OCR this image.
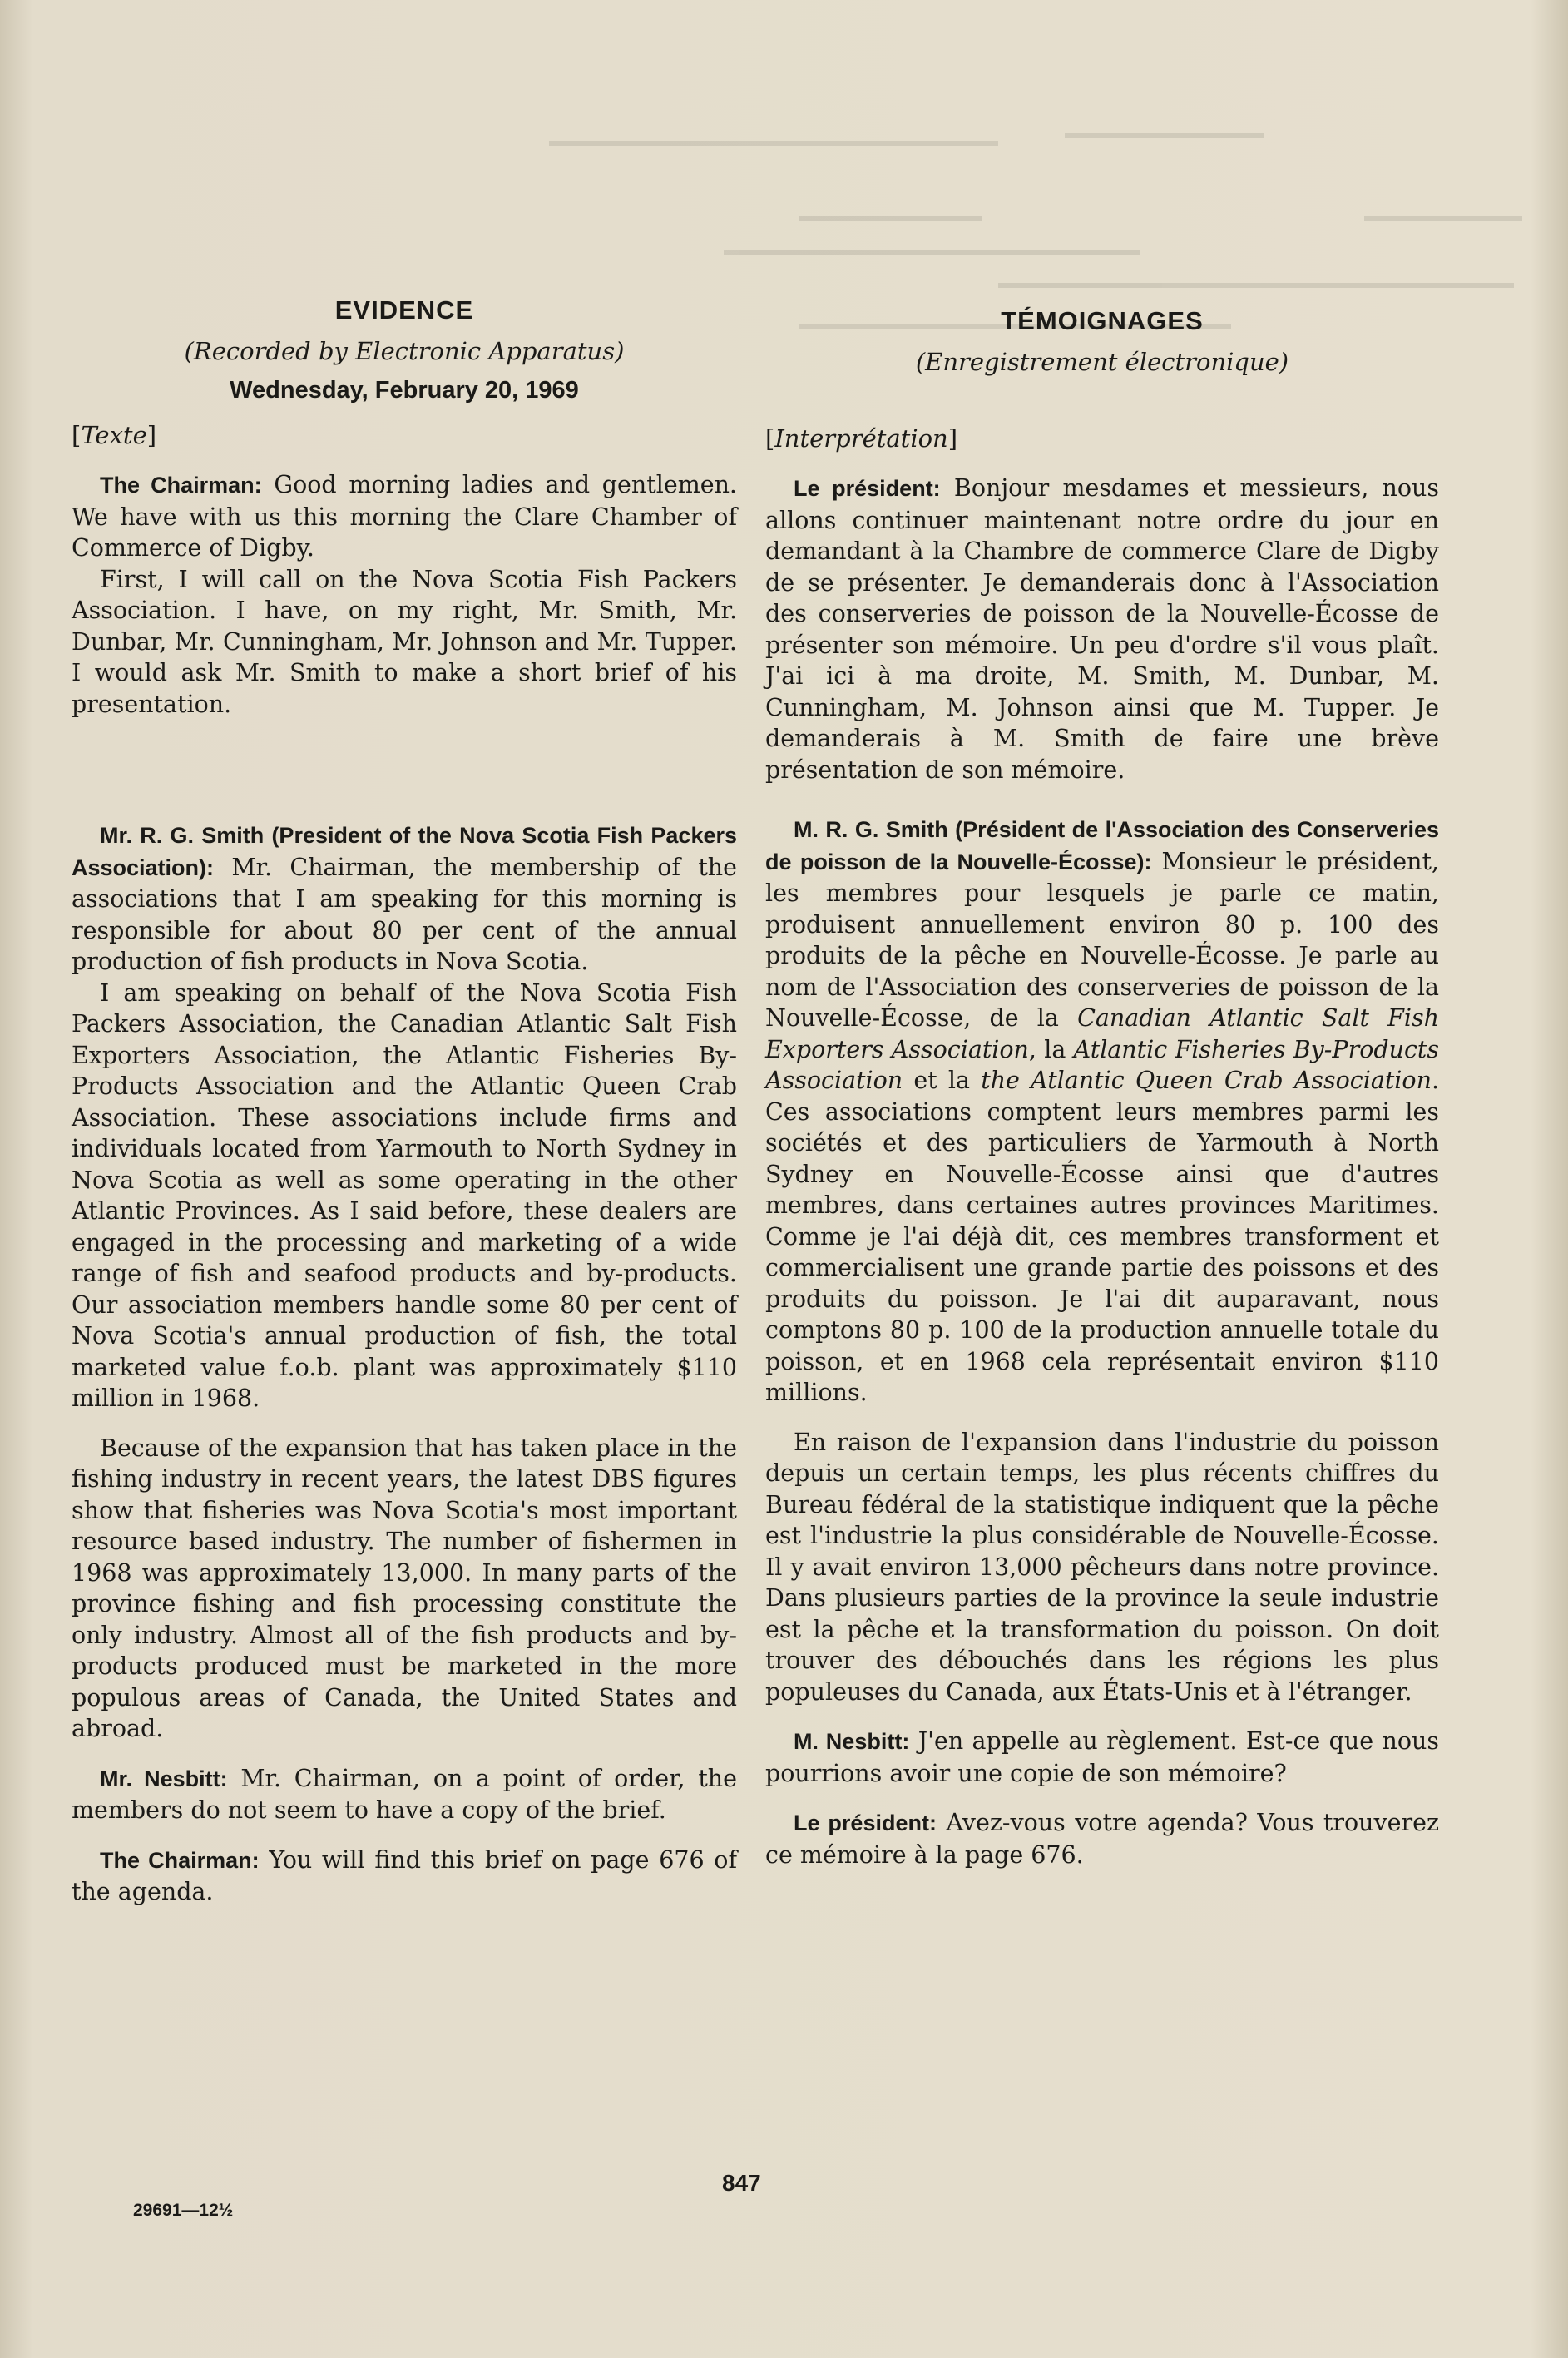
EVIDENCE
(Recorded by Electronic Apparatus)
Wednesday, February 20, 1969
[Texte]

The Chairman: Good morning ladies and gentlemen. We have with us this morning the Clare Chamber of Commerce of Digby.

First, I will call on the Nova Scotia Fish Packers Association. I have, on my right, Mr. Smith, Mr. Dunbar, Mr. Cunningham, Mr. Johnson and Mr. Tupper. I would ask Mr. Smith to make a short brief of his presentation.

Mr. R. G. Smith (President of the Nova Scotia Fish Packers Association): Mr. Chairman, the membership of the associations that I am speaking for this morning is responsible for about 80 per cent of the annual production of fish products in Nova Scotia.

I am speaking on behalf of the Nova Scotia Fish Packers Association, the Canadian Atlantic Salt Fish Exporters Association, the Atlantic Fisheries By-Products Association and the Atlantic Queen Crab Association. These associations include firms and individuals located from Yarmouth to North Sydney in Nova Scotia as well as some operating in the other Atlantic Provinces. As I said before, these dealers are engaged in the processing and marketing of a wide range of fish and seafood products and by-products. Our association members handle some 80 per cent of Nova Scotia's annual production of fish, the total marketed value f.o.b. plant was approximately $110 million in 1968.

Because of the expansion that has taken place in the fishing industry in recent years, the latest DBS figures show that fisheries was Nova Scotia's most important resource based industry. The number of fishermen in 1968 was approximately 13,000. In many parts of the province fishing and fish processing constitute the only industry. Almost all of the fish products and by-products produced must be marketed in the more populous areas of Canada, the United States and abroad.

Mr. Nesbitt: Mr. Chairman, on a point of order, the members do not seem to have a copy of the brief.

The Chairman: You will find this brief on page 676 of the agenda.

TÉMOIGNAGES
(Enregistrement électronique)
[Interprétation]

Le président: Bonjour mesdames et messieurs, nous allons continuer maintenant notre ordre du jour en demandant à la Chambre de commerce Clare de Digby de se présenter. Je demanderais donc à l'Association des conserveries de poisson de la Nouvelle-Écosse de présenter son mémoire. Un peu d'ordre s'il vous plaît. J'ai ici à ma droite, M. Smith, M. Dunbar, M. Cunningham, M. Johnson ainsi que M. Tupper. Je demanderais à M. Smith de faire une brève présentation de son mémoire.

M. R. G. Smith (Président de l'Association des Conserveries de poisson de la Nouvelle-Écosse): Monsieur le président, les membres pour lesquels je parle ce matin, produisent annuellement environ 80 p. 100 des produits de la pêche en Nouvelle-Écosse. Je parle au nom de l'Association des conserveries de poisson de la Nouvelle-Écosse, de la Canadian Atlantic Salt Fish Exporters Association, la Atlantic Fisheries By-Products Association et la the Atlantic Queen Crab Association. Ces associations comptent leurs membres parmi les sociétés et des particuliers de Yarmouth à North Sydney en Nouvelle-Écosse ainsi que d'autres membres, dans certaines autres provinces Maritimes. Comme je l'ai déjà dit, ces membres transforment et commercialisent une grande partie des poissons et des produits du poisson. Je l'ai dit auparavant, nous comptons 80 p. 100 de la production annuelle totale du poisson, et en 1968 cela représentait environ $110 millions.

En raison de l'expansion dans l'industrie du poisson depuis un certain temps, les plus récents chiffres du Bureau fédéral de la statistique indiquent que la pêche est l'industrie la plus considérable de Nouvelle-Écosse. Il y avait environ 13,000 pêcheurs dans notre province. Dans plusieurs parties de la province la seule industrie est la pêche et la transformation du poisson. On doit trouver des débouchés dans les régions les plus populeuses du Canada, aux États-Unis et à l'étranger.

M. Nesbitt: J'en appelle au règlement. Est-ce que nous pourrions avoir une copie de son mémoire?

Le président: Avez-vous votre agenda? Vous trouverez ce mémoire à la page 676.

847
29691—12½
